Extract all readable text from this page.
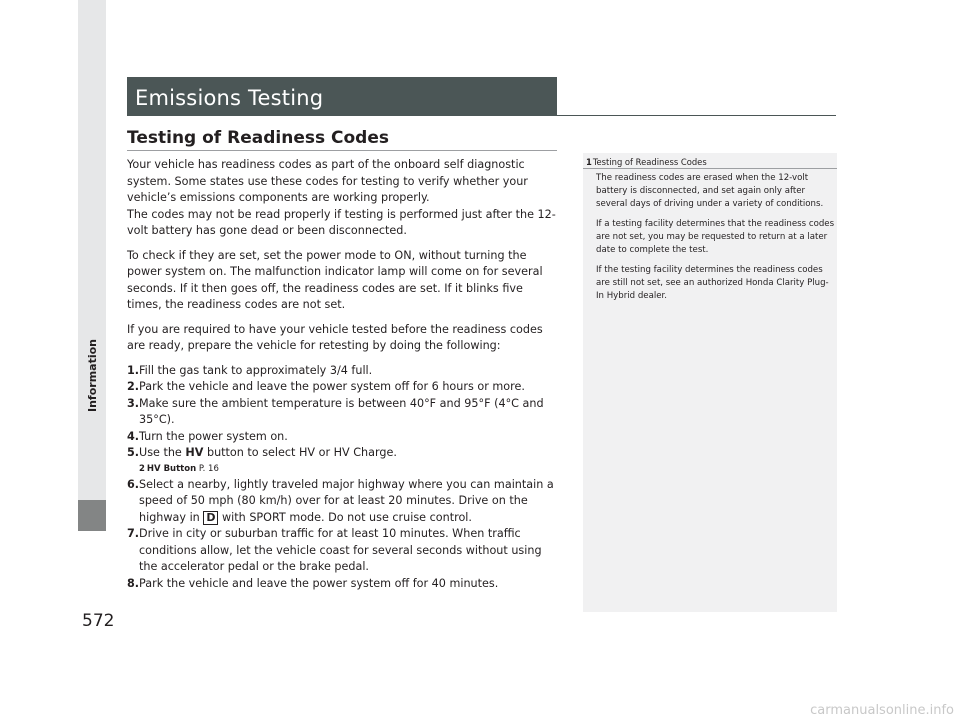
Information
572
Emissions Testing
Testing of Readiness Codes

Your vehicle has readiness codes as part of the onboard self diagnostic system. Some states use these codes for testing to verify whether your vehicle’s emissions components are working properly.

The codes may not be read properly if testing is performed just after the 12-volt battery has gone dead or been disconnected.

To check if they are set, set the power mode to ON, without turning the power system on. The malfunction indicator lamp will come on for several seconds. If it then goes off, the readiness codes are set. If it blinks five times, the readiness codes are not set.

If you are required to have your vehicle tested before the readiness codes are ready, prepare the vehicle for retesting by doing the following:

1. Fill the gas tank to approximately 3/4 full.
2. Park the vehicle and leave the power system off for 6 hours or more.
3. Make sure the ambient temperature is between 40°F and 95°F (4°C and 35°C).
4. Turn the power system on.
5. Use the HV button to select HV or HV Charge.
2 HV Button P. 16
6. Select a nearby, lightly traveled major highway where you can maintain a speed of 50 mph (80 km/h) over for at least 20 minutes. Drive on the highway in D with SPORT mode. Do not use cruise control.
7. Drive in city or suburban traffic for at least 10 minutes. When traffic conditions allow, let the vehicle coast for several seconds without using the accelerator pedal or the brake pedal.
8. Park the vehicle and leave the power system off for 40 minutes.
1Testing of Readiness Codes

The readiness codes are erased when the 12-volt battery is disconnected, and set again only after several days of driving under a variety of conditions.

If a testing facility determines that the readiness codes are not set, you may be requested to return at a later date to complete the test.

If the testing facility determines the readiness codes are still not set, see an authorized Honda Clarity Plug-In Hybrid dealer.

carmanualsonline.info
